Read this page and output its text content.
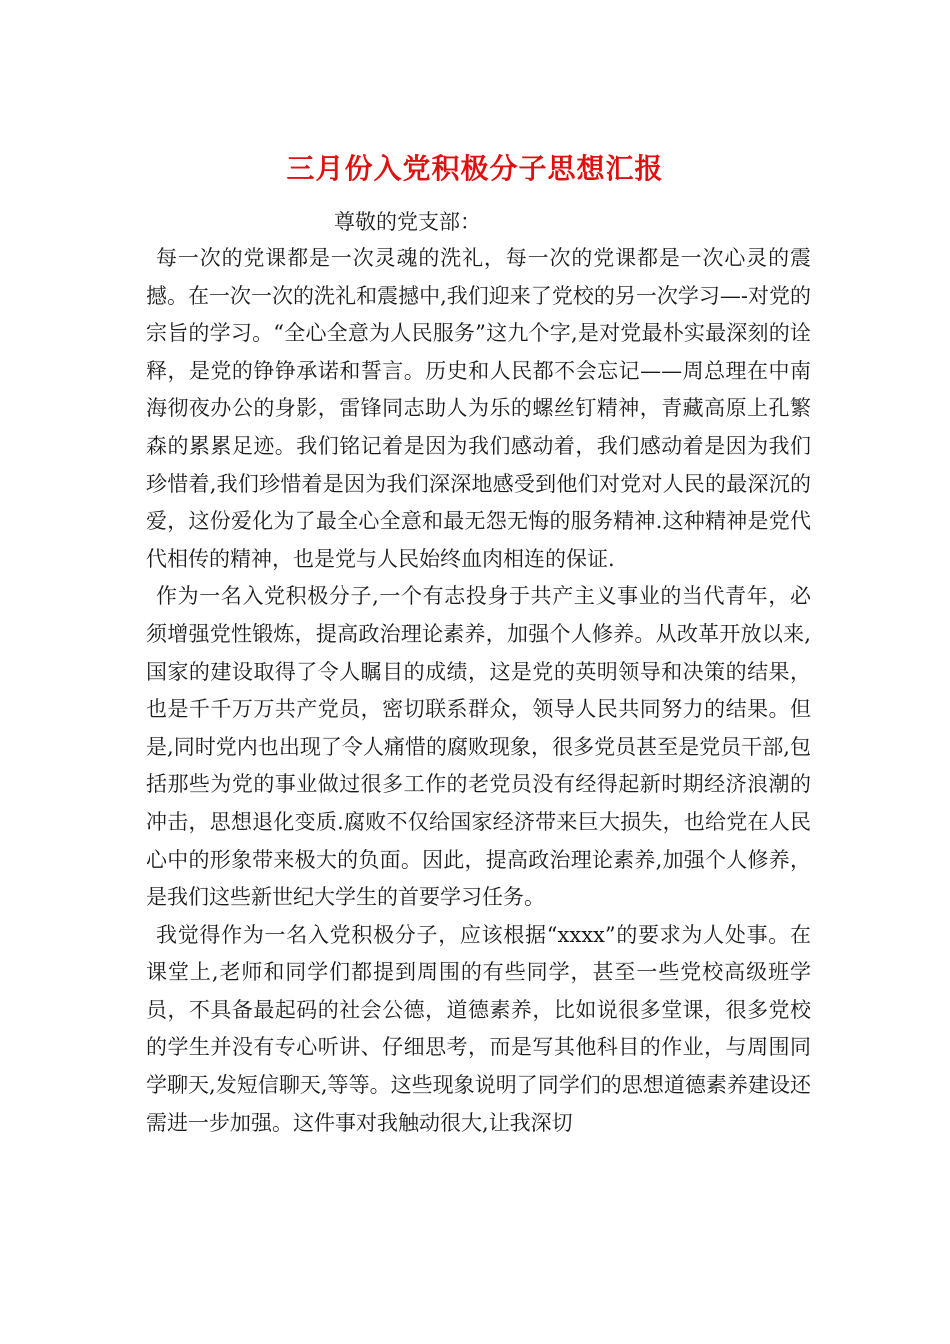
三月份入党积极分子思想汇报
尊敬的党支部：

每一次的党课都是一次灵魂的洗礼，每一次的党课都是一次心灵的震撼。在一次一次的洗礼和震撼中,我们迎来了党校的另一次学习—-对党的宗旨的学习。“全心全意为人民服务”这九个字,是对党最朴实最深刻的诠释，是党的铮铮承诺和誓言。历史和人民都不会忘记——周总理在中南海彻夜办公的身影，雷锋同志助人为乐的螺丝钉精神，青藏高原上孔繁森的累累足迹。我们铭记着是因为我们感动着，我们感动着是因为我们珍惜着,我们珍惜着是因为我们深深地感受到他们对党对人民的最深沉的爱，这份爱化为了最全心全意和最无怨无悔的服务精神.这种精神是党代代相传的精神，也是党与人民始终血肉相连的保证.

作为一名入党积极分子,一个有志投身于共产主义事业的当代青年，必须增强党性锻炼，提高政治理论素养，加强个人修养。从改革开放以来,国家的建设取得了令人瞩目的成绩，这是党的英明领导和决策的结果，也是千千万万共产党员，密切联系群众，领导人民共同努力的结果。但是,同时党内也出现了令人痛惜的腐败现象，很多党员甚至是党员干部,包括那些为党的事业做过很多工作的老党员没有经得起新时期经济浪潮的冲击，思想退化变质.腐败不仅给国家经济带来巨大损失，也给党在人民心中的形象带来极大的负面。因此，提高政治理论素养,加强个人修养，是我们这些新世纪大学生的首要学习任务。

我觉得作为一名入党积极分子，应该根据“xxxx”的要求为人处事。在课堂上,老师和同学们都提到周围的有些同学，甚至一些党校高级班学员，不具备最起码的社会公德，道德素养，比如说很多堂课，很多党校的学生并没有专心听讲、仔细思考，而是写其他科目的作业，与周围同学聊天,发短信聊天,等等。这些现象说明了同学们的思想道德素养建设还需进一步加强。这件事对我触动很大,让我深切
